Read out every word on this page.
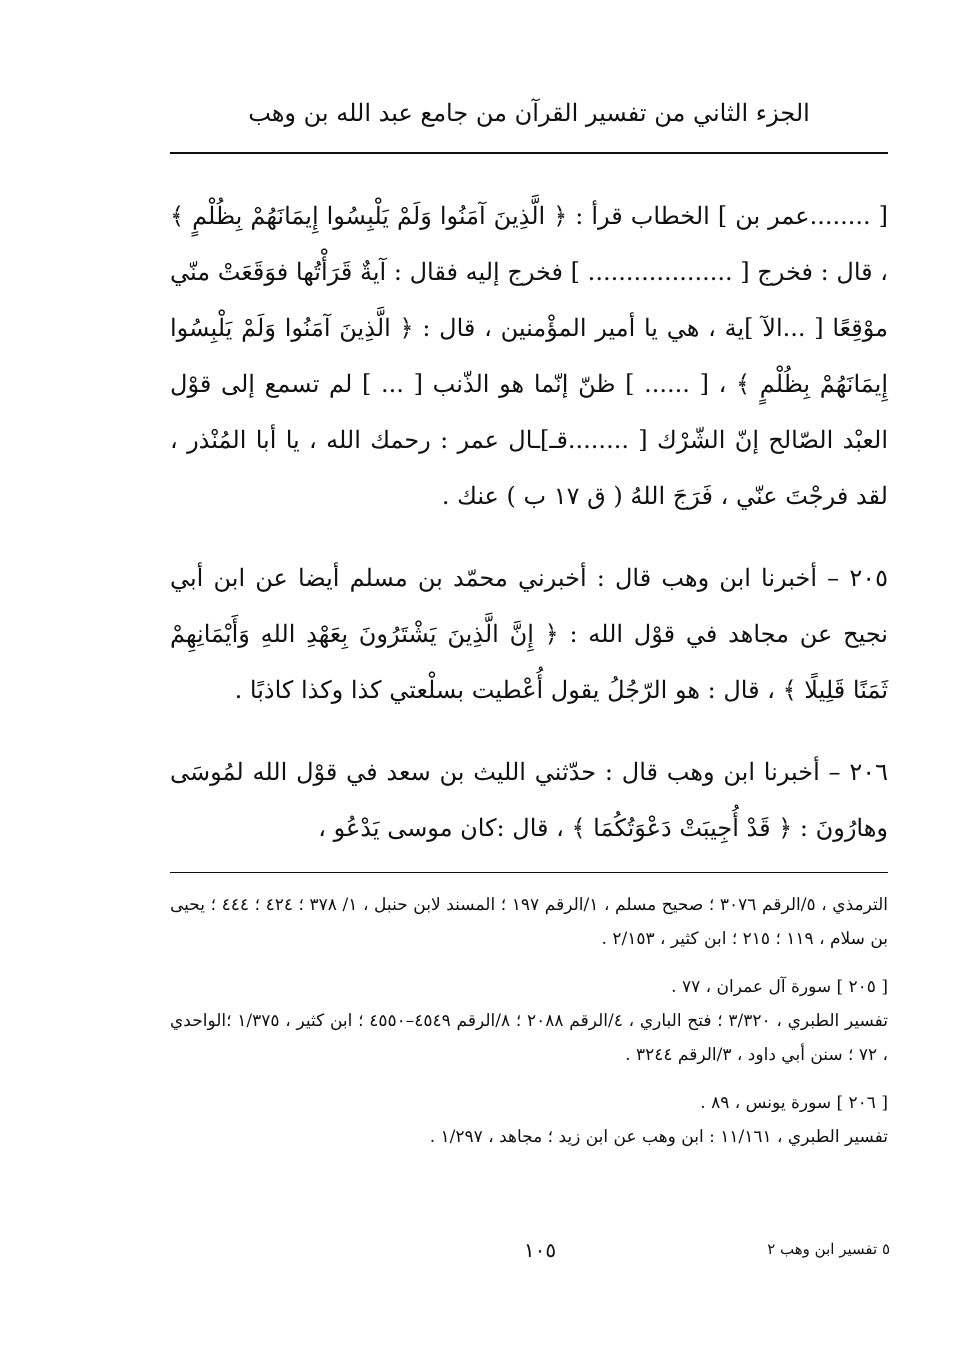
الجزء الثاني من تفسير القرآن من جامع عبد الله بن وهب

[ ........عمر بن ] الخطاب قرأ : ﴿ الَّذِينَ آمَنُوا وَلَمْ يَلْبِسُوا إِيمَانَهُمْ بِظُلْمٍ ﴾ ، قال : فخرج [ ................... ] فخرج إليه فقال : آيةٌ قَرَأْتُها فوَقَعَتْ منّي موْقِعًا [ ...الآ ]ية ، هي يا أمير المؤْمنين ، قال : ﴿ الَّذِينَ آمَنُوا وَلَمْ يَلْبِسُوا إِيمَانَهُمْ بِظُلْمٍ ﴾ ، [ ...... ] ظنّ إنّما هو الذّنب [ ... ] لم تسمع إلى قوْل العبْد الصّالح إنّ الشّرْك [ ........قـ]ـال عمر : رحمك الله ، يا أبا المُنْذر ، لقد فرجْتَ عنّي ، فَرَجَ اللهُ ( ق ١٧ ب ) عنك .

٢٠٥ – أخبرنا ابن وهب قال : أخبرني محمّد بن مسلم أيضا عن ابن أبي نجيح عن مجاهد في قوْل الله : ﴿ إِنَّ الَّذِينَ يَشْتَرُونَ بِعَهْدِ اللهِ وَأَيْمَانِهِمْ ثَمَنًا قَلِيلًا ﴾ ، قال : هو الرّجُلُ يقول أُعْطيت بسلْعتي كذا وكذا كاذبًا .

٢٠٦ – أخبرنا ابن وهب قال : حدّثني الليث بن سعد في قوْل الله لمُوسَى وهارُونَ : ﴿ قَدْ أُجِيبَتْ دَعْوَتُكُمَا ﴾ ، قال :كان موسى يَدْعُو ،

الترمذي ، ٥/الرقم ٣٠٧٦ ؛ صحيح مسلم ، ١/الرقم ١٩٧ ؛ المسند لابن حنبل ، ١/ ٣٧٨ ؛ ٤٢٤ ؛ ٤٤٤ ؛ يحيى بن سلام ، ١١٩ ؛ ٢١٥ ؛ ابن كثير ، ٢/١٥٣ .

[ ٢٠٥ ] سورة آل عمران ، ٧٧ .

تفسير الطبري ، ٣/٣٢٠ ؛ فتح الباري ، ٤/الرقم ٢٠٨٨ ؛ ٨/الرقم ٤٥٤٩–٤٥٥٠ ؛ ابن كثير ، ١/٣٧٥ ؛الواحدي ، ٧٢ ؛ سنن أبي داود ، ٣/الرقم ٣٢٤٤ .

[ ٢٠٦ ] سورة يونس ، ٨٩ .

تفسير الطبري ، ١١/١٦١ : ابن وهب عن ابن زيد ؛ مجاهد ، ١/٢٩٧ .

١٠٥	٥ تفسير ابن وهب ٢
